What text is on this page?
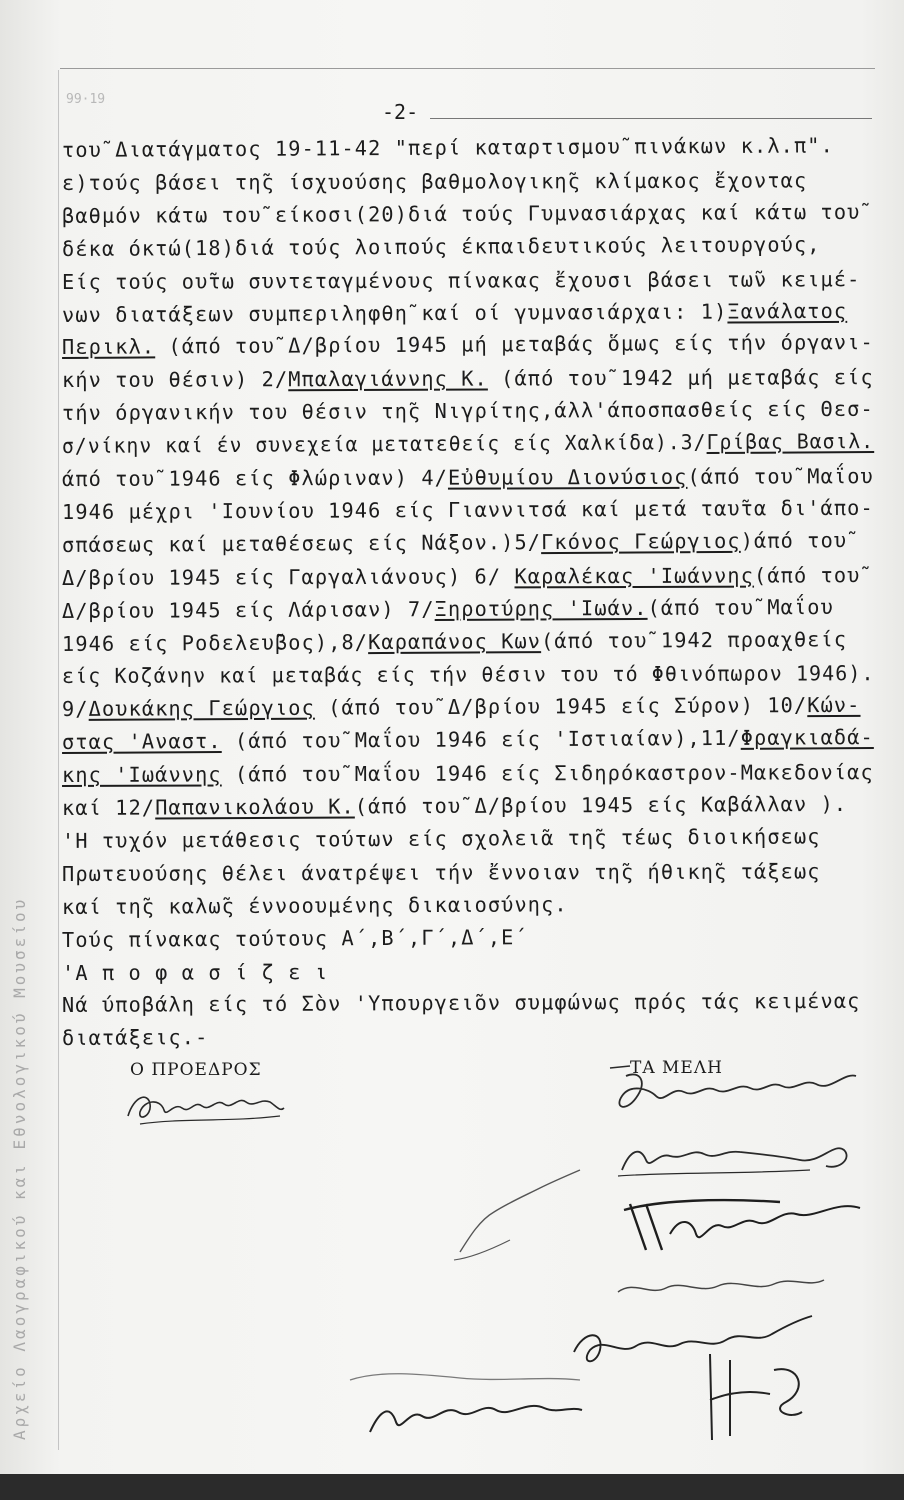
99·19
-2-
του̃ Διατάγματος 19-11-42 "περί καταρτισμου̃ πινάκων κ.λ.π".
ε)τούς βάσει τη̃ς ίσχυούσης βαθμολογικη̃ς κλίμακος ἔχοντας
βαθμόν κάτω του̃ είκοσι(20)διά τούς Γυμνασιάρχας καί κάτω του̃
δέκα όκτώ(18)διά τούς λοιπούς έκπαιδευτικούς λειτουργούς,
Είς τούς ου̃τω συντεταγμένους πίνακας ἔχουσι βάσει τω̃ν κειμέ-
νων διατάξεων συμπεριληφθη̃ καί οί γυμνασιάρχαι: 1)Ξανάλατος
Περικλ. (άπό του̃ Δ/βρίου 1945 μή μεταβάς ὅμως είς τήν όργανι-
κήν του θέσιν) 2/Μπαλαγιάννης Κ. (άπό του̃ 1942 μή μεταβάς είς
τήν όργανικήν του θέσιν τη̃ς Νιγρίτης,άλλ'άποσπασθείς είς Θεσ-
σ/νίκην καί έν συνεχεία μετατεθείς είς Χαλκίδα).3/Γρίβας Βασιλ.
άπό του̃ 1946 είς Φλώριναν) 4/Εὐθυμίου Διονύσιος(άπό του̃ Μαΐου
1946 μέχρι 'Ιουνίου 1946 είς Γιαννιτσά καί μετά ταυ̃τα δι'άπο-
σπάσεως καί μεταθέσεως είς Νάξον.)5/Γκόνος Γεώργιος)άπό του̃
Δ/βρίου 1945 είς Γαργαλιάνους) 6/ Καραλέκας 'Ιωάννης(άπό του̃
Δ/βρίου 1945 είς Λάρισαν) 7/Ξηροτύρης 'Ιωάν.(άπό του̃ Μαΐου
1946 είς Ροδελευ̃βος),8/Καραπάνος Κων(άπό του̃ 1942 προαχθείς
είς Κοζάνην καί μεταβάς είς τήν θέσιν του τό Φθινόπωρον 1946).
9/Δουκάκης Γεώργιος (άπό του̃ Δ/βρίου 1945 είς Σύρον) 10/Κών-
στας 'Αναστ. (άπό του̃ Μαΐου 1946 είς 'Ιστιαίαν),11/Φραγκιαδά-
κης 'Ιωάννης (άπό του̃ Μαΐου 1946 είς Σιδηρόκαστρον-Μακεδονίας
καί 12/Παπανικολάου Κ.(άπό του̃ Δ/βρίου 1945 είς Καβάλλαν ).
'Η τυχόν μετάθεσις τούτων είς σχολει̃α τη̃ς τέως διοικήσεως
Πρωτευούσης θέλει άνατρέψει τήν ἔννοιαν τη̃ς ήθικη̃ς τάξεως
καί τη̃ς καλω̃ς έννοουμένης δικαιοσύνης.
Τούς πίνακας τούτους Α΄,Β΄,Γ΄,Δ΄,Ε΄
'Α π ο φ α σ ί ζ ε ι
Νά ύποβάλη είς τό Σὸν 'Υπουργει̃ον συμφώνως πρός τάς κειμένας
διατάξεις.-
Αρχείο Λαογραφικού και Εθνολογικού Μουσείου	Ο ΠΡΟΕΔΡΟΣ	ΤΑ ΜΕΛΗ
